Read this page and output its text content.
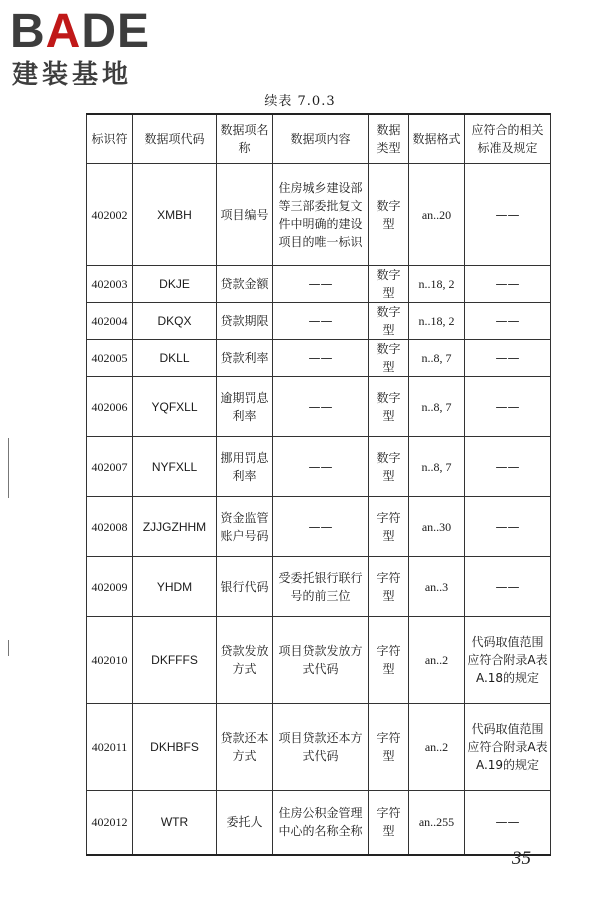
BADE
建装基地
续表 7.0.3
标识符	数据项代码	数据项名称	数据项内容	数据类型	数据格式	应符合的相关标准及规定
402002	XMBH	项目编号	住房城乡建设部等三部委批复文件中明确的建设项目的唯一标识	数字型	an..20	——
402003	DKJE	贷款金额	——	数字型	n..18, 2	——
402004	DKQX	贷款期限	——	数字型	n..18, 2	——
402005	DKLL	贷款利率	——	数字型	n..8, 7	——
402006	YQFXLL	逾期罚息利率	——	数字型	n..8, 7	——
402007	NYFXLL	挪用罚息利率	——	数字型	n..8, 7	——
402008	ZJJGZHHM	资金监管账户号码	——	字符型	an..30	——
402009	YHDM	银行代码	受委托银行联行号的前三位	字符型	an..3	——
402010	DKFFFS	贷款发放方式	项目贷款发放方式代码	字符型	an..2	代码取值范围应符合附录A表A.18的规定
402011	DKHBFS	贷款还本方式	项目贷款还本方式代码	字符型	an..2	代码取值范围应符合附录A表A.19的规定
402012	WTR	委托人	住房公积金管理中心的名称全称	字符型	an..255	——
35
